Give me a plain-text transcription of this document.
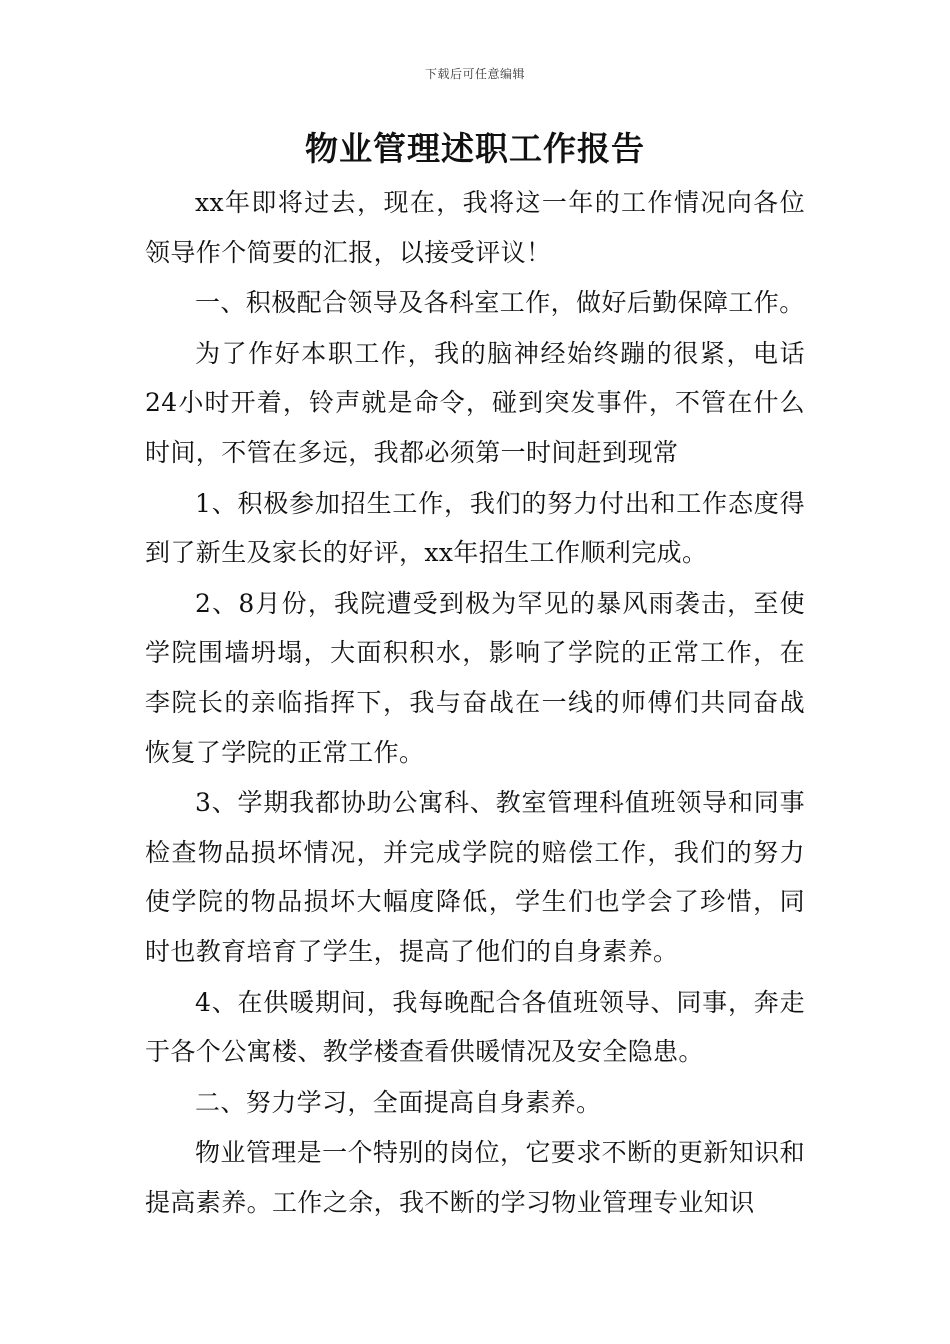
下载后可任意编辑
物业管理述职工作报告

xx年即将过去，现在，我将这一年的工作情况向各位领导作个简要的汇报，以接受评议！

一、积极配合领导及各科室工作，做好后勤保障工作。

为了作好本职工作，我的脑神经始终蹦的很紧，电话24小时开着，铃声就是命令，碰到突发事件，不管在什么时间，不管在多远，我都必须第一时间赶到现常

1、积极参加招生工作，我们的努力付出和工作态度得到了新生及家长的好评，xx年招生工作顺利完成。

2、8月份，我院遭受到极为罕见的暴风雨袭击，至使学院围墙坍塌，大面积积水，影响了学院的正常工作，在李院长的亲临指挥下，我与奋战在一线的师傅们共同奋战恢复了学院的正常工作。

3、学期我都协助公寓科、教室管理科值班领导和同事检查物品损坏情况，并完成学院的赔偿工作，我们的努力使学院的物品损坏大幅度降低，学生们也学会了珍惜，同时也教育培育了学生，提高了他们的自身素养。

4、在供暖期间，我每晚配合各值班领导、同事，奔走于各个公寓楼、教学楼查看供暖情况及安全隐患。

二、努力学习，全面提高自身素养。

物业管理是一个特别的岗位，它要求不断的更新知识和提高素养。工作之余，我不断的学习物业管理专业知识
